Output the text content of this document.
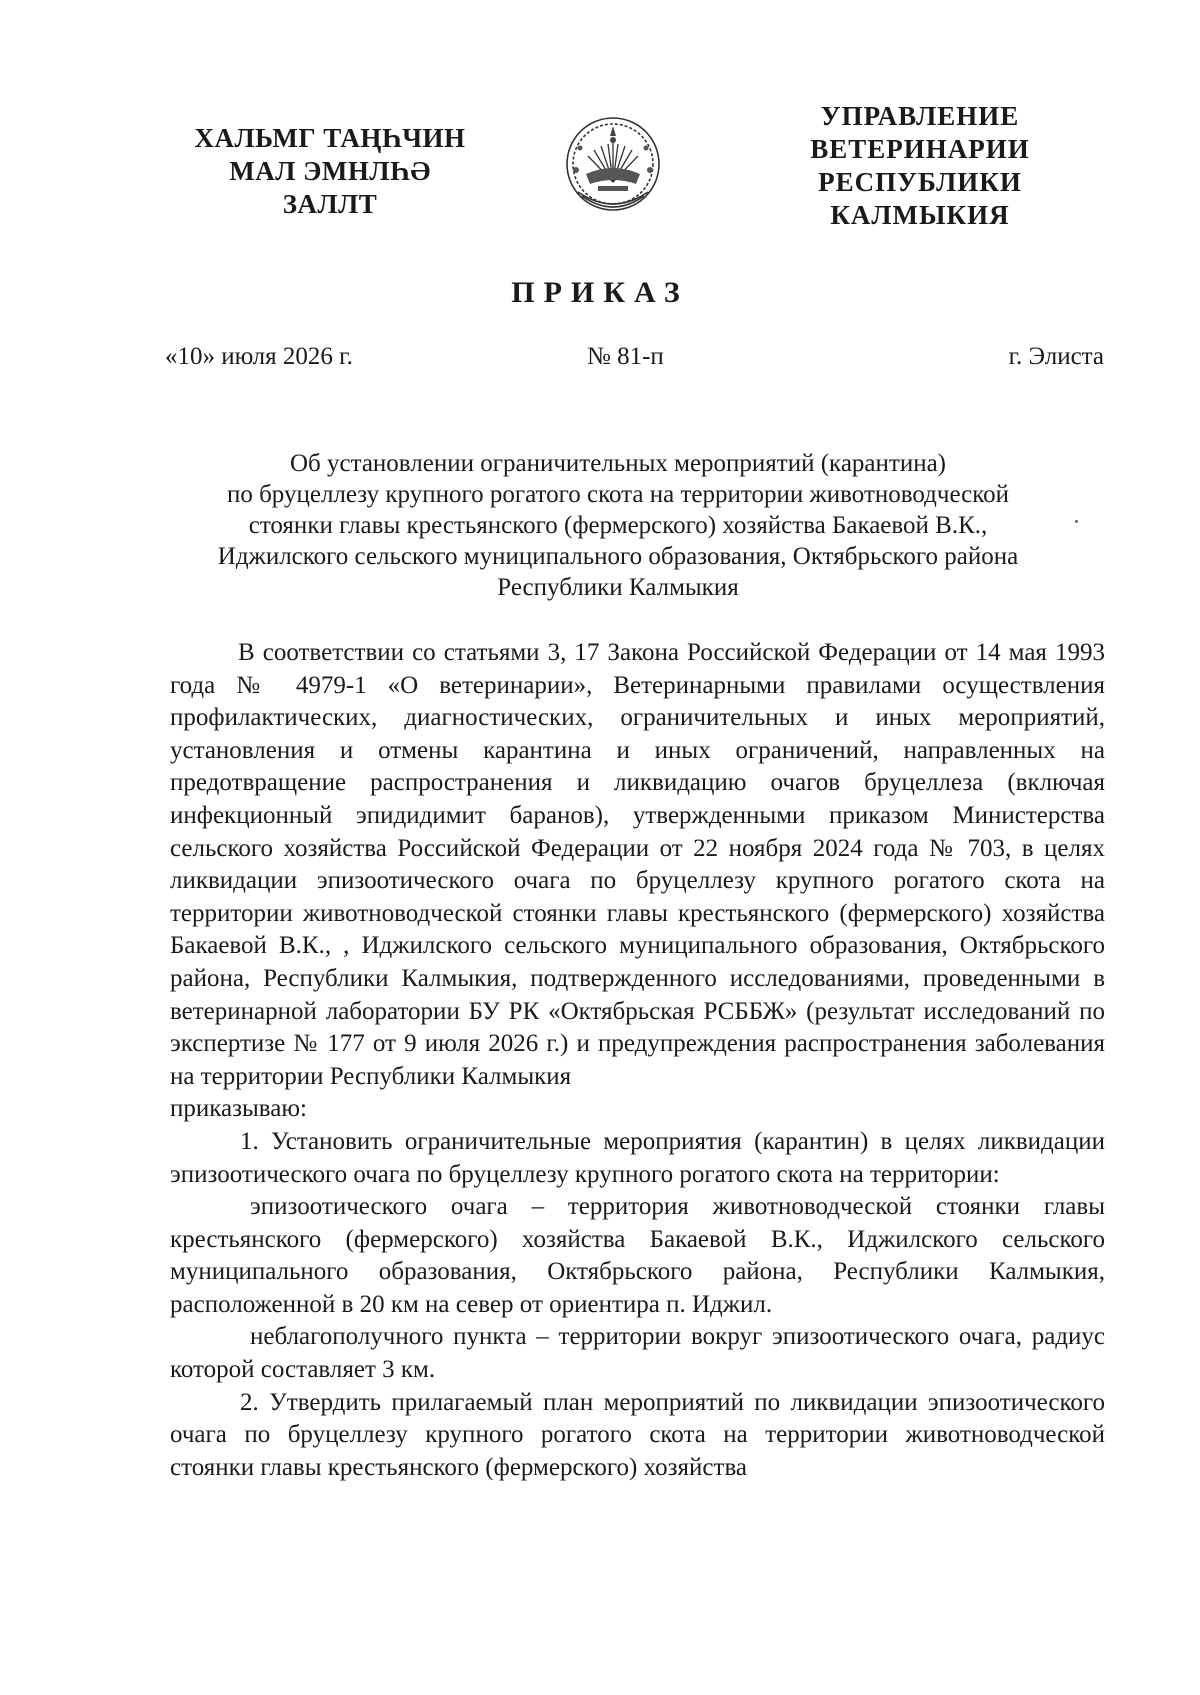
ХАЛЬМГ ТАҢҺЧИН
МАЛ ЭМНЛҺӘ
ЗАЛЛТ
УПРАВЛЕНИЕ
ВЕТЕРИНАРИИ
РЕСПУБЛИКИ
КАЛМЫКИЯ
ПРИКАЗ
«10» июля 2026 г.	№ 81-п	г. Элиста
Об установлении ограничительных мероприятий (карантина)
по бруцеллезу крупного рогатого скота на территории животноводческой
стоянки главы крестьянского (фермерского) хозяйства Бакаевой В.К.,
Иджилского сельского муниципального образования, Октябрьского района
Республики Калмыкия

В соответствии со статьями 3, 17 Закона Российской Федерации от 14 мая 1993 года № 4979-1 «О ветеринарии», Ветеринарными правилами осуществления профилактических, диагностических, ограничительных и иных мероприятий, установления и отмены карантина и иных ограничений, направленных на предотвращение распространения и ликвидацию очагов бруцеллеза (включая инфекционный эпидидимит баранов), утвержденными приказом Министерства сельского хозяйства Российской Федерации от 22 ноября 2024 года № 703, в целях ликвидации эпизоотического очага по бруцеллезу крупного рогатого скота на территории животноводческой стоянки главы крестьянского (фермерского) хозяйства Бакаевой В.К., , Иджилского сельского муниципального образования, Октябрьского района, Республики Калмыкия, подтвержденного исследованиями, проведенными в ветеринарной лаборатории БУ РК «Октябрьская РСББЖ» (результат исследований по экспертизе № 177 от 9 июля 2026 г.) и предупреждения распространения заболевания на территории Республики Калмыкия

приказываю:

1. Установить ограничительные мероприятия (карантин) в целях ликвидации эпизоотического очага по бруцеллезу крупного рогатого скота на территории:

эпизоотического очага – территория животноводческой стоянки главы крестьянского (фермерского) хозяйства Бакаевой В.К., Иджилского сельского муниципального образования, Октябрьского района, Республики Калмыкия, расположенной в 20 км на север от ориентира п. Иджил.

неблагополучного пункта – территории вокруг эпизоотического очага, радиус которой составляет 3 км.

2. Утвердить прилагаемый план мероприятий по ликвидации эпизоотического очага по бруцеллезу крупного рогатого скота на территории животноводческой стоянки главы крестьянского (фермерского) хозяйства
